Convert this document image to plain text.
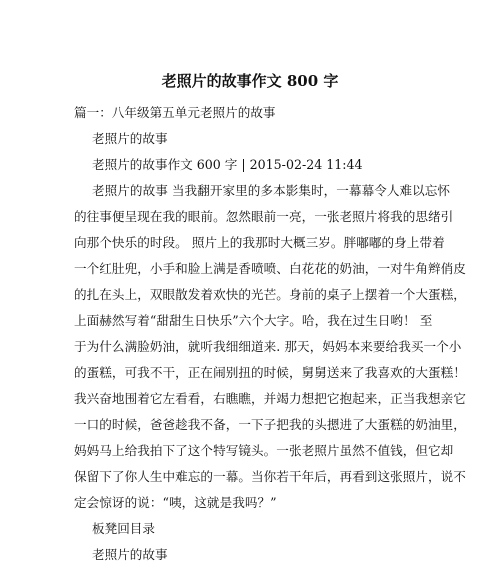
老照片的故事作文 800 字
篇一：八年级第五单元老照片的故事
老照片的故事
老照片的故事作文 600 字 | 2015-02-24 11:44
老照片的故事 当我翻开家里的多本影集时，一幕幕令人难以忘怀
的往事便呈现在我的眼前。忽然眼前一亮，一张老照片将我的思绪引
向那个快乐的时段。 照片上的我那时大概三岁。胖嘟嘟的身上带着
一个红肚兜，小手和脸上满是香喷喷、白花花的奶油，一对牛角辫俏皮
的扎在头上，双眼散发着欢快的光芒。身前的桌子上摆着一个大蛋糕，
上面赫然写着“甜甜生日快乐”六个大字。哈，我在过生日哟！ 至
于为什么满脸奶油，就听我细细道来. 那天，妈妈本来要给我买一个小
的蛋糕，可我不干，正在闹别扭的时候，舅舅送来了我喜欢的大蛋糕！
我兴奋地围着它左看看，右瞧瞧，并竭力想把它抱起来，正当我想亲它
一口的时候，爸爸趁我不备，一下子把我的头摁进了大蛋糕的奶油里，
妈妈马上给我拍下了这个特写镜头。一张老照片虽然不值钱，但它却
保留下了你人生中难忘的一幕。当你若干年后，再看到这张照片，说不
定会惊讶的说：“咦，这就是我吗？”
板凳回目录
老照片的故事
